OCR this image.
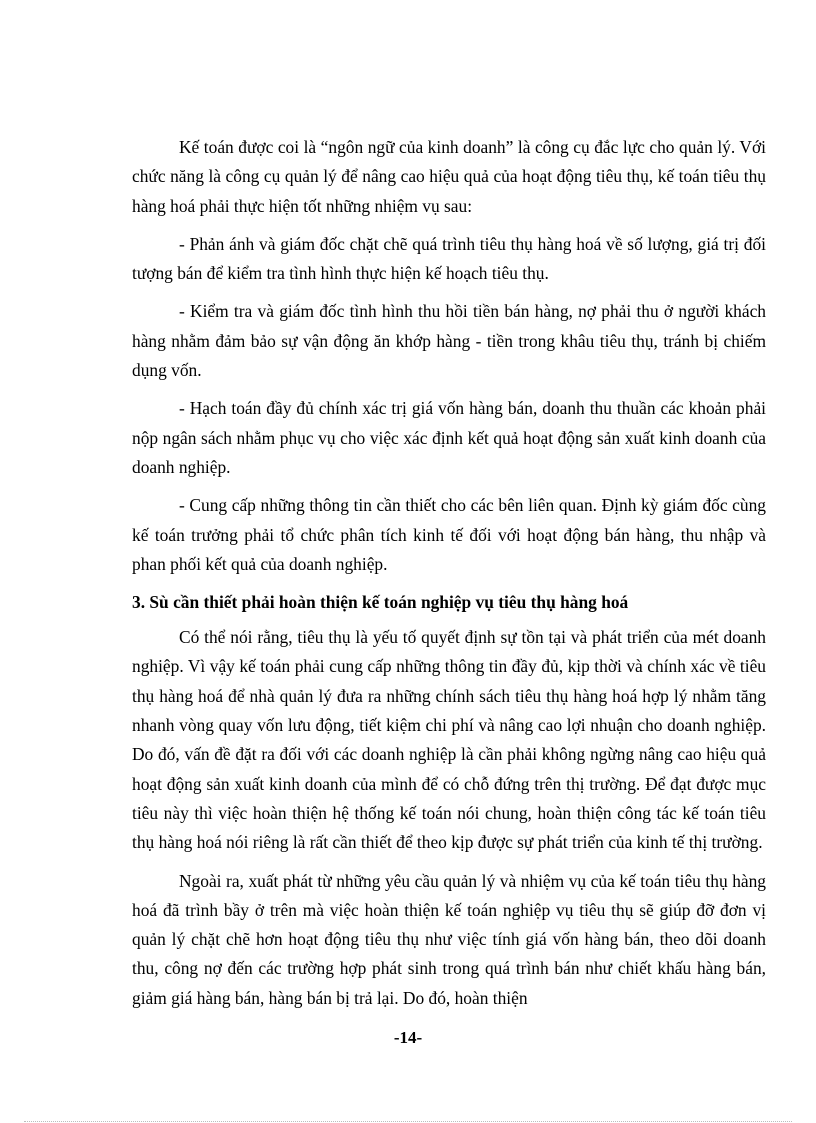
Kế toán được coi là “ngôn ngữ của kinh doanh” là công cụ đắc lực cho quản lý. Với chức năng là công cụ quản lý để nâng cao hiệu quả của hoạt động tiêu thụ, kế toán tiêu thụ hàng hoá phải thực hiện tốt những nhiệm vụ sau:

- Phản ánh và giám đốc chặt chẽ quá trình tiêu thụ hàng hoá về số lượng, giá trị đối tượng bán để kiểm tra tình hình thực hiện kế hoạch tiêu thụ.

- Kiểm tra và giám đốc tình hình thu hồi tiền bán hàng, nợ phải thu ở người khách hàng nhằm đảm bảo sự vận động ăn khớp hàng - tiền trong khâu tiêu thụ, tránh bị chiếm dụng vốn.

- Hạch toán đầy đủ chính xác trị giá vốn hàng bán, doanh thu thuần các khoản phải nộp ngân sách nhằm phục vụ cho việc xác định kết quả hoạt động sản xuất kinh doanh của doanh nghiệp.

- Cung cấp những thông tin cần thiết cho các bên liên quan. Định kỳ giám đốc cùng kế toán trưởng phải tổ chức phân tích kinh tế đối với hoạt động bán hàng, thu nhập và phan phối kết quả của doanh nghiệp.

3. Sù cần thiết phải hoàn thiện kế toán nghiệp vụ tiêu thụ hàng hoá

Có thể nói rằng, tiêu thụ là yếu tố quyết định sự tồn tại và phát triển của mét doanh nghiệp. Vì vậy kế toán phải cung cấp những thông tin đầy đủ, kịp thời và chính xác về tiêu thụ hàng hoá để nhà quản lý đưa ra những chính sách tiêu thụ hàng hoá hợp lý nhằm tăng nhanh vòng quay vốn lưu động, tiết kiệm chi phí và nâng cao lợi nhuận cho doanh nghiệp. Do đó, vấn đề đặt ra đối với các doanh nghiệp là cần phải không ngừng nâng cao hiệu quả hoạt động sản xuất kinh doanh của mình để có chỗ đứng trên thị trường. Để đạt được mục tiêu này thì việc hoàn thiện hệ thống kế toán nói chung, hoàn thiện công tác kế toán tiêu thụ hàng hoá nói riêng là rất cần thiết để theo kịp được sự phát triển của kinh tế thị trường.

Ngoài ra, xuất phát từ những yêu cầu quản lý và nhiệm vụ của kế toán tiêu thụ hàng hoá đã trình bầy ở trên mà việc hoàn thiện kế toán nghiệp vụ tiêu thụ sẽ giúp đỡ đơn vị quản lý chặt chẽ hơn hoạt động tiêu thụ như việc tính giá vốn hàng bán, theo dõi doanh thu, công nợ đến các trường hợp phát sinh trong quá trình bán như chiết khấu hàng bán, giảm giá hàng bán, hàng bán bị trả lại. Do đó, hoàn thiện

-14-
